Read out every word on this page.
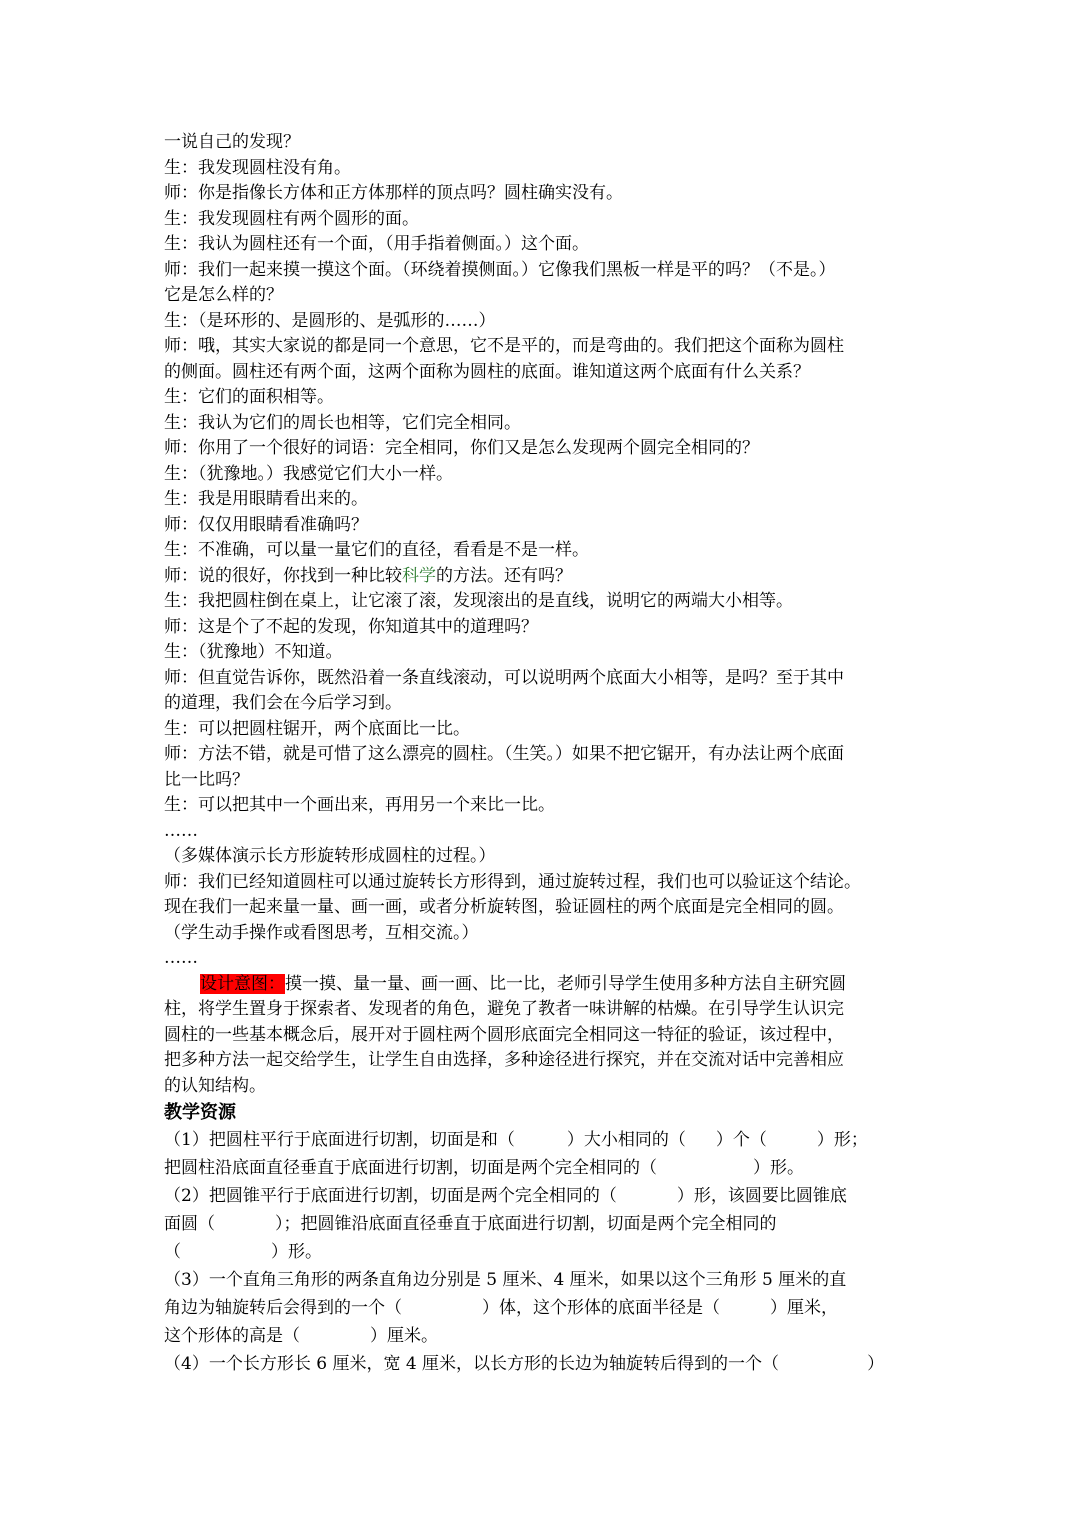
一说自己的发现？
生：我发现圆柱没有角。
师：你是指像长方体和正方体那样的顶点吗？圆柱确实没有。
生：我发现圆柱有两个圆形的面。
生：我认为圆柱还有一个面，（用手指着侧面。）这个面。
师：我们一起来摸一摸这个面。（环绕着摸侧面。）它像我们黑板一样是平的吗？（不是。）
它是怎么样的？
生：（是环形的、是圆形的、是弧形的……）
师：哦，其实大家说的都是同一个意思，它不是平的，而是弯曲的。我们把这个面称为圆柱
的侧面。圆柱还有两个面，这两个面称为圆柱的底面。谁知道这两个底面有什么关系？
生：它们的面积相等。
生：我认为它们的周长也相等，它们完全相同。
师：你用了一个很好的词语：完全相同，你们又是怎么发现两个圆完全相同的？
生：（犹豫地。）我感觉它们大小一样。
生：我是用眼睛看出来的。
师：仅仅用眼睛看准确吗？
生：不准确，可以量一量它们的直径，看看是不是一样。
师：说的很好，你找到一种比较科学的方法。还有吗？
生：我把圆柱倒在桌上，让它滚了滚，发现滚出的是直线，说明它的两端大小相等。
师：这是个了不起的发现，你知道其中的道理吗？
生：（犹豫地）不知道。
师：但直觉告诉你，既然沿着一条直线滚动，可以说明两个底面大小相等，是吗？至于其中
的道理，我们会在今后学习到。
生：可以把圆柱锯开，两个底面比一比。
师：方法不错，就是可惜了这么漂亮的圆柱。（生笑。）如果不把它锯开，有办法让两个底面
比一比吗？
生：可以把其中一个画出来，再用另一个来比一比。
……
（多媒体演示长方形旋转形成圆柱的过程。）
师：我们已经知道圆柱可以通过旋转长方形得到，通过旋转过程，我们也可以验证这个结论。
现在我们一起来量一量、画一画，或者分析旋转图，验证圆柱的两个底面是完全相同的圆。
（学生动手操作或看图思考，互相交流。）
……
设计意图：摸一摸、量一量、画一画、比一比，老师引导学生使用多种方法自主研究圆
柱，将学生置身于探索者、发现者的角色，避免了教者一味讲解的枯燥。在引导学生认识完
圆柱的一些基本概念后，展开对于圆柱两个圆形底面完全相同这一特征的验证，该过程中，
把多种方法一起交给学生，让学生自由选择，多种途径进行探究，并在交流对话中完善相应
的认知结构。
教学资源
（1）把圆柱平行于底面进行切割，切面是和（	）大小相同的（ ）个（	）形；
把圆柱沿底面直径垂直于底面进行切割，切面是两个完全相同的（	）形。
（2）把圆锥平行于底面进行切割，切面是两个完全相同的（	）形，该圆要比圆锥底
面圆（	）；把圆锥沿底面直径垂直于底面进行切割，切面是两个完全相同的
（	）形。
（3）一个直角三角形的两条直角边分别是 5 厘米、4 厘米，如果以这个三角形 5 厘米的直
角边为轴旋转后会得到的一个（	）体，这个形体的底面半径是（	）厘米，
这个形体的高是（	）厘米。
（4）一个长方形长 6 厘米，宽 4 厘米，以长方形的长边为轴旋转后得到的一个（	）
